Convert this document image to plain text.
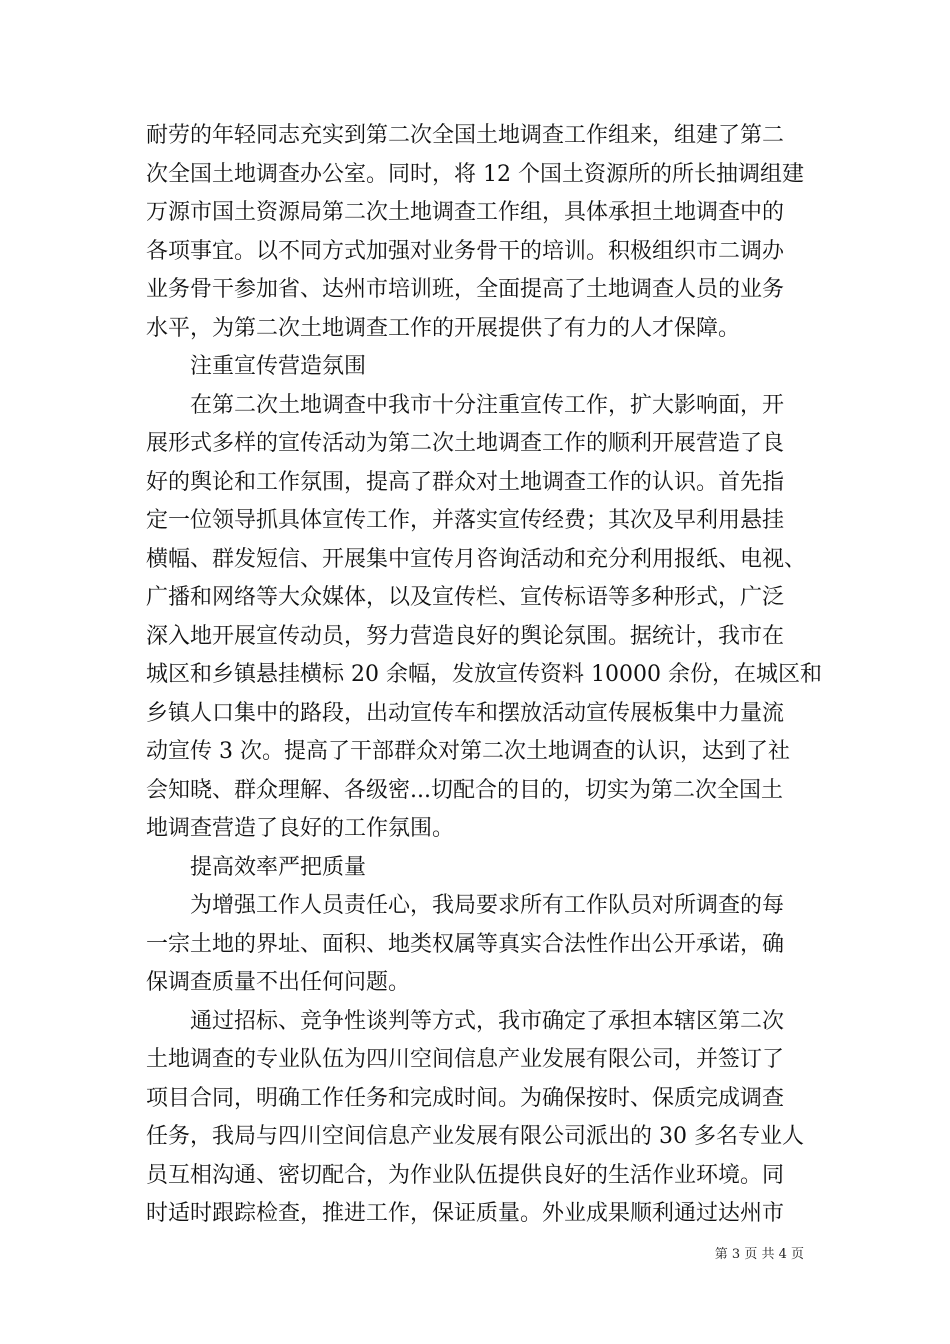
耐劳的年轻同志充实到第二次全国土地调查工作组来，组建了第二
次全国土地调查办公室。同时，将 12 个国土资源所的所长抽调组建
万源市国土资源局第二次土地调查工作组，具体承担土地调查中的
各项事宜。以不同方式加强对业务骨干的培训。积极组织市二调办
业务骨干参加省、达州市培训班，全面提高了土地调查人员的业务
水平，为第二次土地调查工作的开展提供了有力的人才保障。
注重宣传营造氛围
在第二次土地调查中我市十分注重宣传工作，扩大影响面，开
展形式多样的宣传活动为第二次土地调查工作的顺利开展营造了良
好的舆论和工作氛围，提高了群众对土地调查工作的认识。首先指
定一位领导抓具体宣传工作，并落实宣传经费；其次及早利用悬挂
横幅、群发短信、开展集中宣传月咨询活动和充分利用报纸、电视、
广播和网络等大众媒体，以及宣传栏、宣传标语等多种形式，广泛
深入地开展宣传动员，努力营造良好的舆论氛围。据统计，我市在
城区和乡镇悬挂横标 20 余幅，发放宣传资料 10000 余份，在城区和
乡镇人口集中的路段，出动宣传车和摆放活动宣传展板集中力量流
动宣传 3 次。提高了干部群众对第二次土地调查的认识，达到了社
会知晓、群众理解、各级密...切配合的目的，切实为第二次全国土
地调查营造了良好的工作氛围。
提高效率严把质量
为增强工作人员责任心，我局要求所有工作队员对所调查的每
一宗土地的界址、面积、地类权属等真实合法性作出公开承诺，确
保调查质量不出任何问题。
通过招标、竞争性谈判等方式，我市确定了承担本辖区第二次
土地调查的专业队伍为四川空间信息产业发展有限公司，并签订了
项目合同，明确工作任务和完成时间。为确保按时、保质完成调查
任务，我局与四川空间信息产业发展有限公司派出的 30 多名专业人
员互相沟通、密切配合，为作业队伍提供良好的生活作业环境。同
时适时跟踪检查，推进工作，保证质量。外业成果顺利通过达州市
第 3 页 共 4 页
